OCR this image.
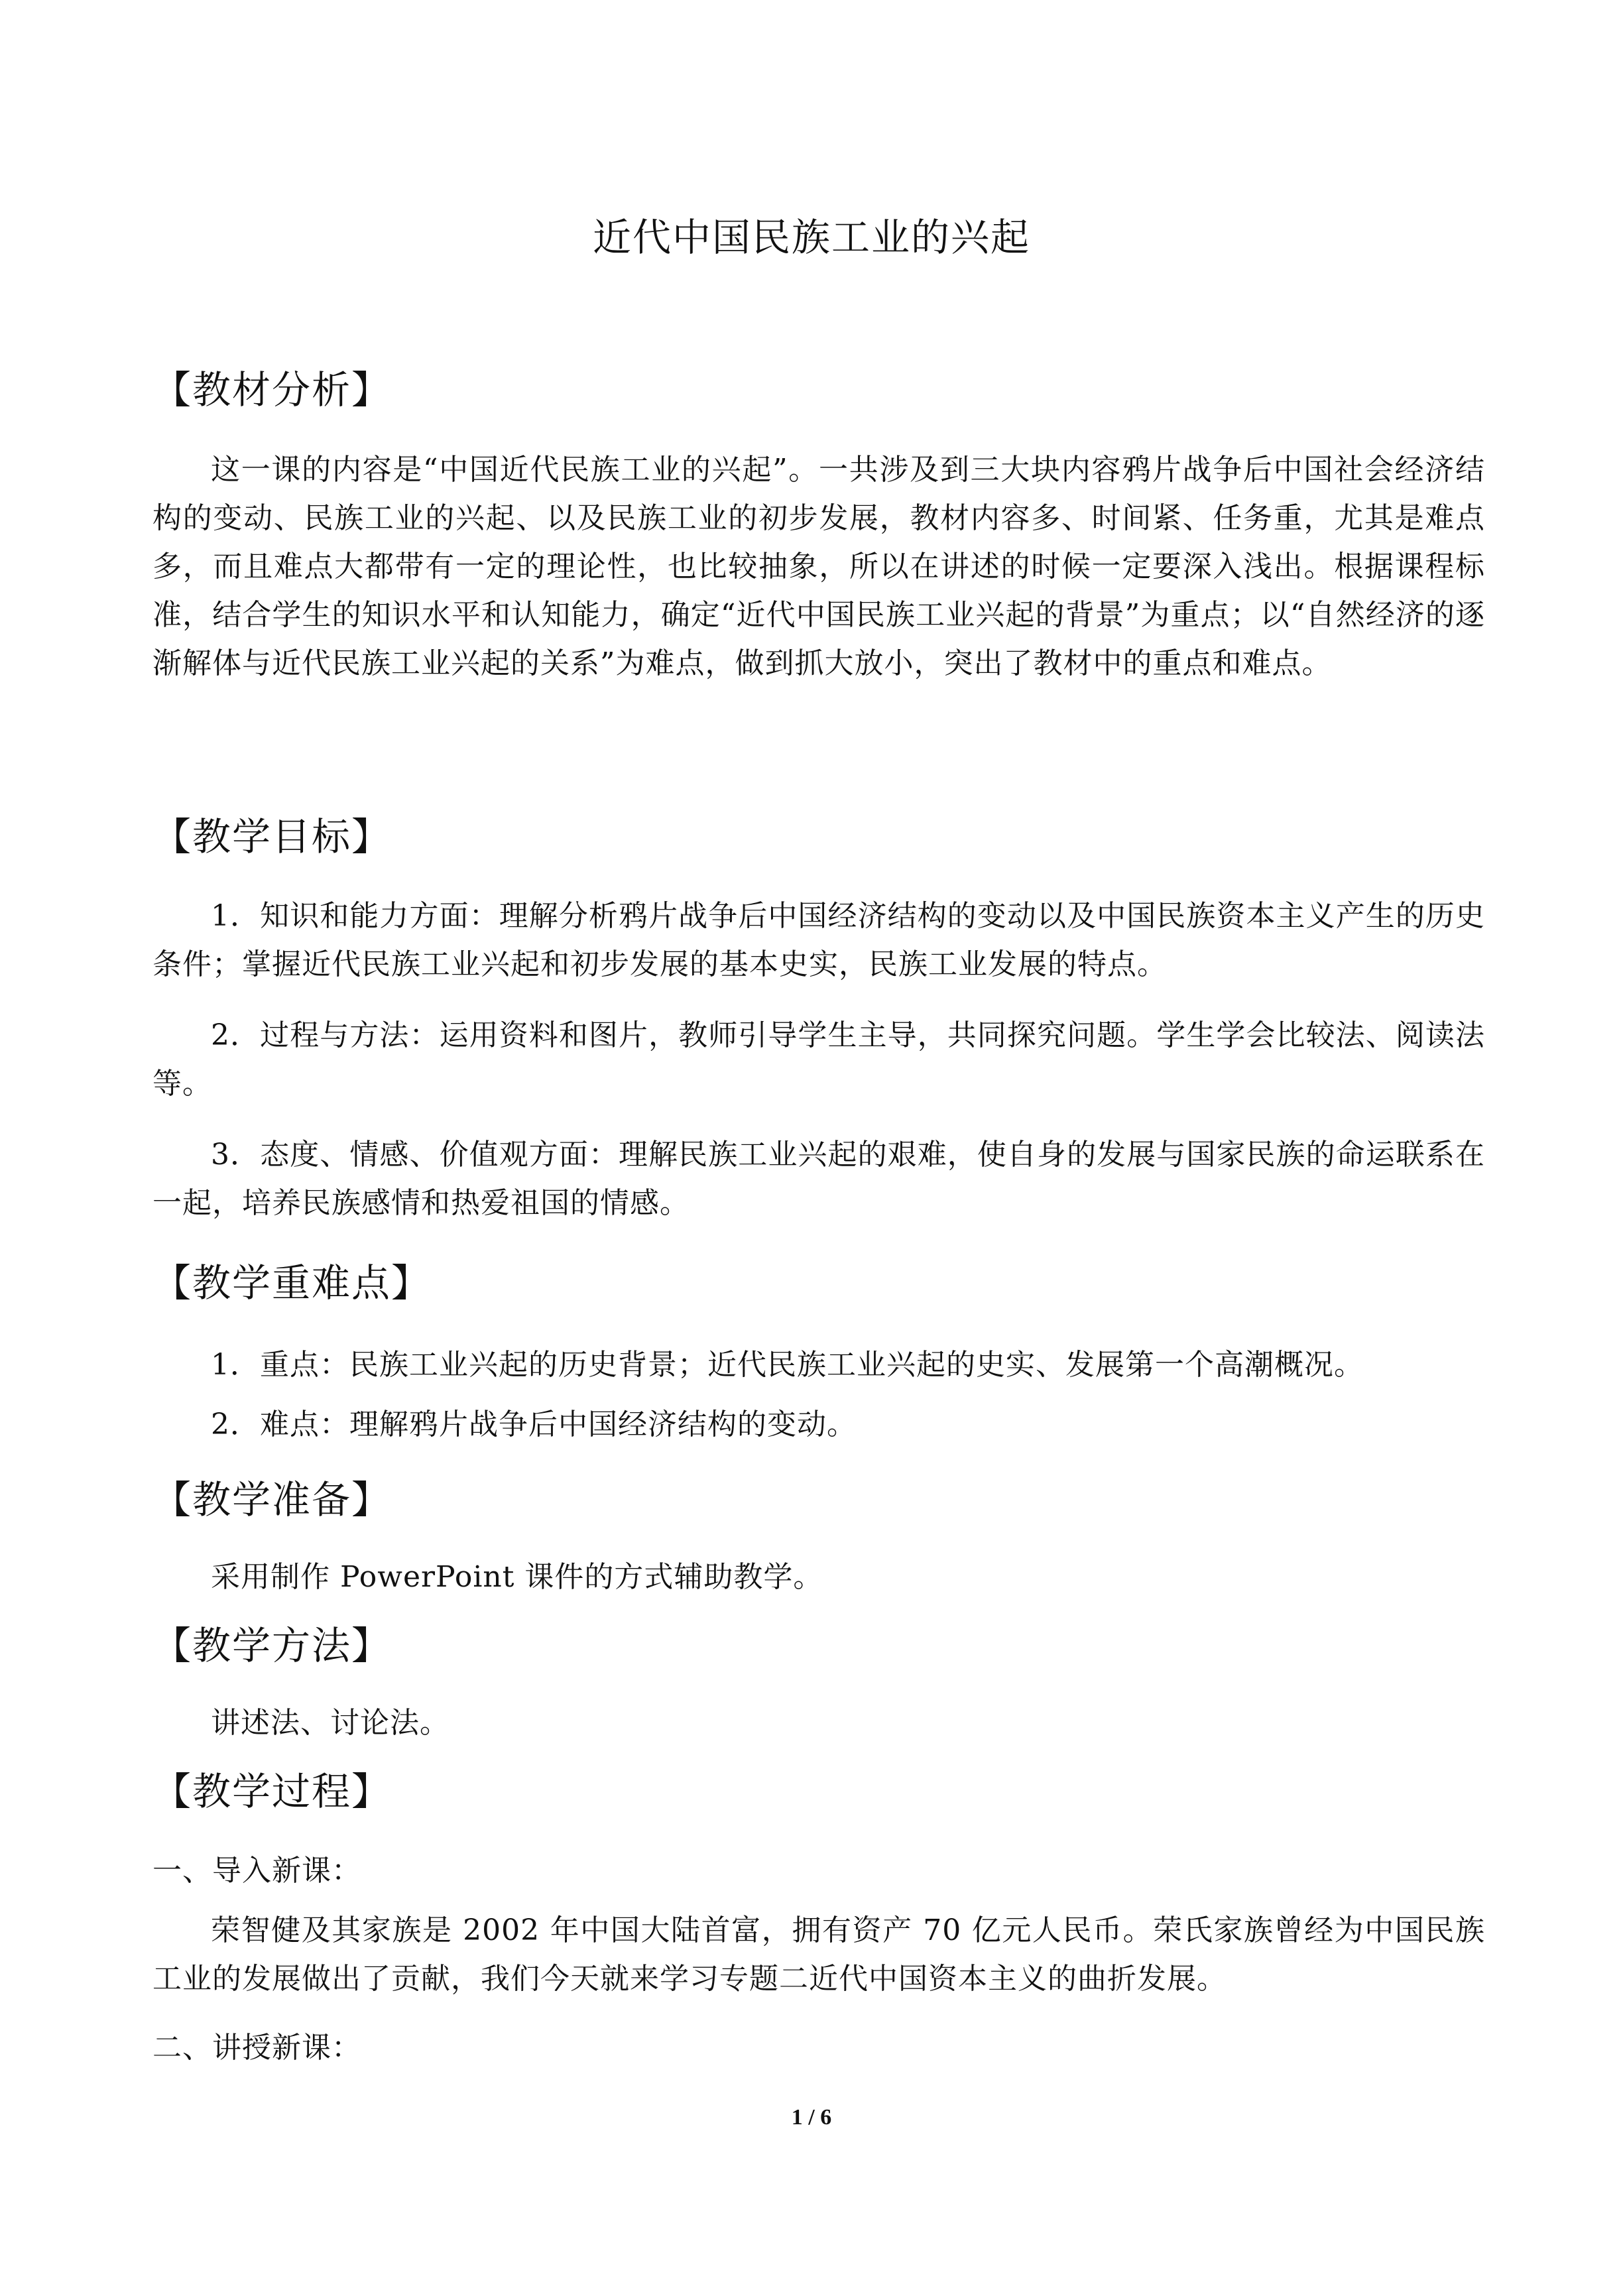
近代中国民族工业的兴起
【教材分析】

这一课的内容是“中国近代民族工业的兴起”。一共涉及到三大块内容鸦片战争后中国社会经济结构的变动、民族工业的兴起、以及民族工业的初步发展，教材内容多、时间紧、任务重，尤其是难点多，而且难点大都带有一定的理论性，也比较抽象，所以在讲述的时候一定要深入浅出。根据课程标准，结合学生的知识水平和认知能力，确定“近代中国民族工业兴起的背景”为重点；以“自然经济的逐渐解体与近代民族工业兴起的关系”为难点，做到抓大放小，突出了教材中的重点和难点。

【教学目标】

1．知识和能力方面：理解分析鸦片战争后中国经济结构的变动以及中国民族资本主义产生的历史条件；掌握近代民族工业兴起和初步发展的基本史实，民族工业发展的特点。

2．过程与方法：运用资料和图片，教师引导学生主导，共同探究问题。学生学会比较法、阅读法等。

3．态度、情感、价值观方面：理解民族工业兴起的艰难，使自身的发展与国家民族的命运联系在一起，培养民族感情和热爱祖国的情感。

【教学重难点】

1．重点：民族工业兴起的历史背景；近代民族工业兴起的史实、发展第一个高潮概况。

2．难点：理解鸦片战争后中国经济结构的变动。

【教学准备】

采用制作 PowerPoint 课件的方式辅助教学。

【教学方法】

讲述法、讨论法。

【教学过程】

一、导入新课：

荣智健及其家族是 2002 年中国大陆首富，拥有资产 70 亿元人民币。荣氏家族曾经为中国民族工业的发展做出了贡献，我们今天就来学习专题二近代中国资本主义的曲折发展。

二、讲授新课：

1 / 6
